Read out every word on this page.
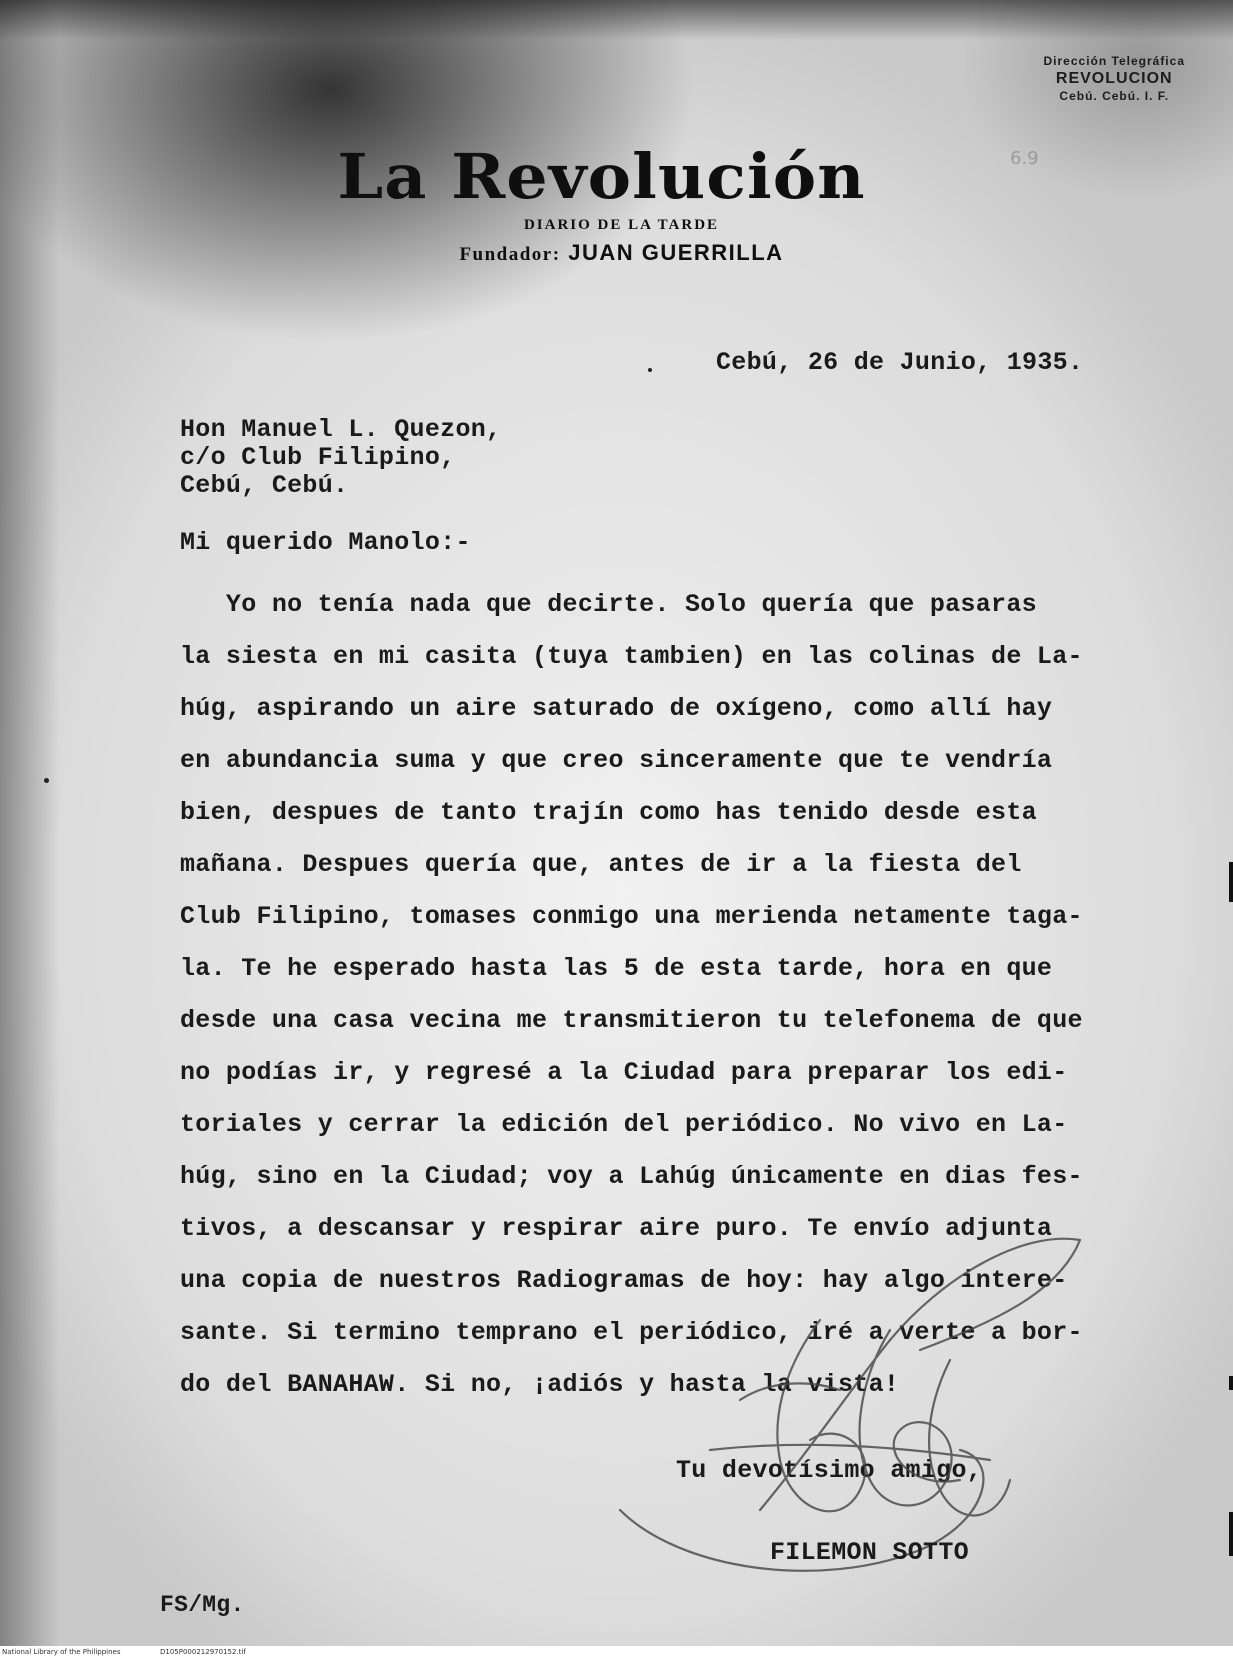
Dirección Telegráfica
REVOLUCION
Cebú. Cebú. I. F.
6.9
La Revolución
DIARIO DE LA TARDE
Fundador: JUAN GUERRILLA
Cebú, 26 de Junio, 1935.
Hon Manuel L. Quezon,
c/o Club Filipino,
Cebú, Cebú.
Mi querido Manolo:-
Yo no tenía nada que decirte. Solo quería que pasaras
la siesta en mi casita (tuya tambien) en las colinas de La-
húg, aspirando un aire saturado de oxígeno, como allí hay
en abundancia suma y que creo sinceramente que te vendría
bien, despues de tanto trajín como has tenido desde esta
mañana. Despues quería que, antes de ir a la fiesta del
Club Filipino, tomases conmigo una merienda netamente taga-
la. Te he esperado hasta las 5 de esta tarde, hora en que
desde una casa vecina me transmitieron tu telefonema de que
no podías ir, y regresé a la Ciudad para preparar los edi-
toriales y cerrar la edición del periódico. No vivo en La-
húg, sino en la Ciudad; voy a Lahúg únicamente en dias fes-
tivos, a descansar y respirar aire puro. Te envío adjunta
una copia de nuestros Radiogramas de hoy: hay algo intere-
sante. Si termino temprano el periódico, iré a verte a bor-
do del BANAHAW. Si no, ¡adiós y hasta la vista!
Tu devotísimo amigo,
FILEMON SOTTO
FS/Mg.
National Library of the Philippines	D105P000212970152.tif
